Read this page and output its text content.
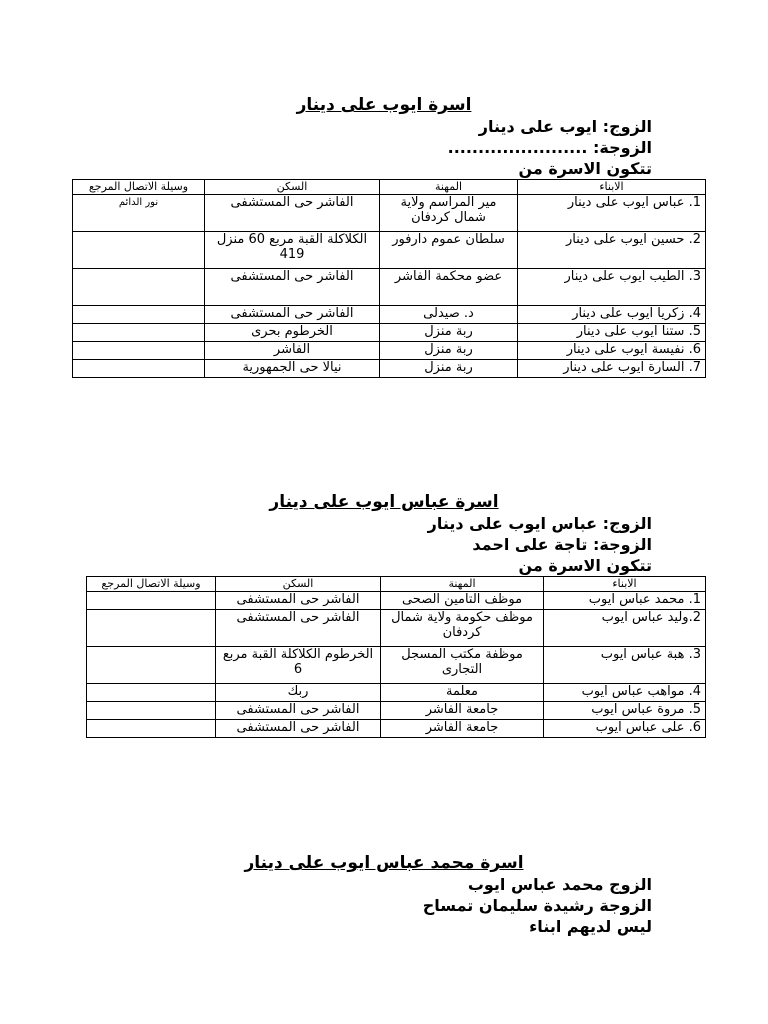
اسرة ايوب على دينار
الزوج: ايوب على دينار
الزوجة: .......................
تتكون الاسرة من
الابناء	المهنة	السكن	وسيلة الاتصال المرجع
1. عباس ايوب على دينار	مير المراسم ولاية شمال كردفان	الفاشر حى المستشفى	نور الدائم
2. حسين ايوب على دينار	سلطان عموم دارفور	الكلاكلة القبة مربع 60 منزل 419	
3. الطيب ايوب على دينار	عضو محكمة الفاشر	الفاشر حى المستشفى	
4. زكريا ايوب على دينار	د. صيدلى	الفاشر حى المستشفى	
5. ستنا ايوب على دينار	ربة منزل	الخرطوم بحرى	
6. نفيسة ايوب على دينار	ربة منزل	الفاشر	
7. السارة ايوب على دينار	ربة منزل	نيالا حى الجمهورية	
اسرة عباس ايوب على دينار
الزوج: عباس ايوب على دينار
الزوجة: تاجة على احمد
تتكون الاسرة من
الابناء	المهنة	السكن	وسيلة الاتصال المرجع
1. محمد عباس ايوب	موظف التامين الصحى	الفاشر حى المستشفى	
2.وليد عباس ايوب	موظف حكومة ولاية شمال كردفان	الفاشر حى المستشفى	
3. هبة عباس ايوب	موظفة مكتب المسجل التجارى	الخرطوم الكلاكلة القبة مربع 6	
4. مواهب عباس ايوب	معلمة	ربك	
5. مروة عباس ايوب	جامعة الفاشر	الفاشر حى المستشفى	
6. على عباس ايوب	جامعة الفاشر	الفاشر حى المستشفى	
اسرة محمد عباس ايوب على دينار
الزوج محمد عباس ايوب
الزوجة رشيدة سليمان تمساح
ليس لديهم ابناء
